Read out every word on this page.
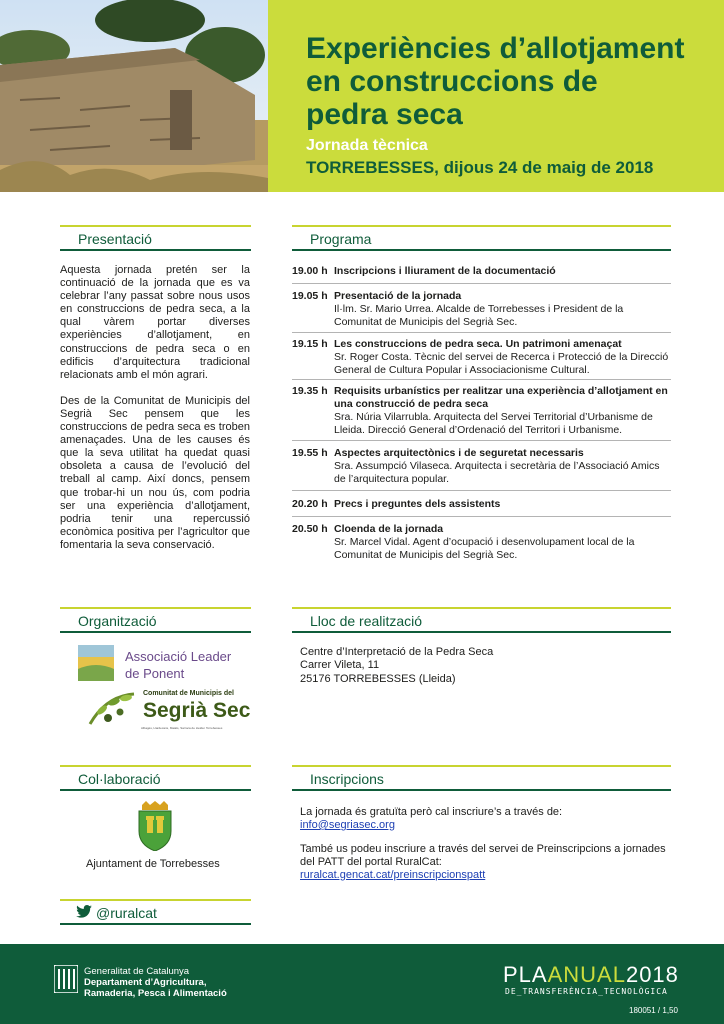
Experiències d’allotjament
en construccions de
pedra seca
Jornada tècnica
TORREBESSES, dijous 24 de maig de 2018
Presentació

Aquesta jornada pretén ser la continuació de la jornada que es va celebrar l’any passat sobre nous usos en construccions de pedra seca, a la qual vàrem portar diverses experiències d’allotjament, en construccions de pedra seca o en edificis d’arquitectura tradicional relacionats amb el món agrari.

Des de la Comunitat de Municipis del Segrià Sec pensem que les construccions de pedra seca es troben amenaçades. Una de les causes és que la seva utilitat ha quedat quasi obsoleta a causa de l’evolució del treball al camp. Així doncs, pensem que trobar-hi un nou ús, com podria ser una experiència d’allotjament, podria tenir una repercussió econòmica positiva per l’agricultor que fomentaria la seva conservació.

Programa
19.00 h Inscripcions i lliurament de la documentació
19.05 h Presentació de la jornada
Il·lm. Sr. Mario Urrea. Alcalde de Torrebesses i President de la Comunitat de Municipis del Segrià Sec.
19.15 h Les construccions de pedra seca. Un patrimoni amenaçat
Sr. Roger Costa. Tècnic del servei de Recerca i Protecció de la Direcció General de Cultura Popular i Associacionisme Cultural.
19.35 h Requisits urbanístics per realitzar una experiència d’allotjament en una construcció de pedra seca
Sra. Núria Vilarrubla. Arquitecta del Servei Territorial d’Urbanisme de Lleida. Direcció General d’Ordenació del Territori i Urbanisme.
19.55 h Aspectes arquitectònics i de seguretat necessaris
Sra. Assumpció Vilaseca. Arquitecta i secretària de l’Associació Amics de l’arquitectura popular.
20.20 h Precs i preguntes dels assistents
20.50 h Cloenda de la jornada
Sr. Marcel Vidal. Agent d’ocupació i desenvolupament local de la Comunitat de Municipis del Segrià Sec.
Organització
Associació Leader
de Ponent
Comunitat de Municipis del
Segrià Sec
Albagés, Llardecans, Maials, Sarroca de Lleida i Torrebesses
Lloc de realització
Centre d’Interpretació de la Pedra Seca
Carrer Vileta, 11
25176 TORREBESSES (Lleida)
Col·laboració
Ajuntament de Torrebesses
Inscripcions
La jornada és gratuïta però cal inscriure’s a través de:
info@segriasec.org
També us podeu inscriure a través del servei de Preinscripcions a jornades
del PATT del portal RuralCat:
ruralcat.gencat.cat/preinscripcionspatt
@ruralcat
Generalitat de Catalunya
Departament d’Agricultura,
Ramaderia, Pesca i Alimentació
PLAANUAL2018
DE_TRANSFERÈNCIA_TECNOLÒGICA
180051 / 1,50
